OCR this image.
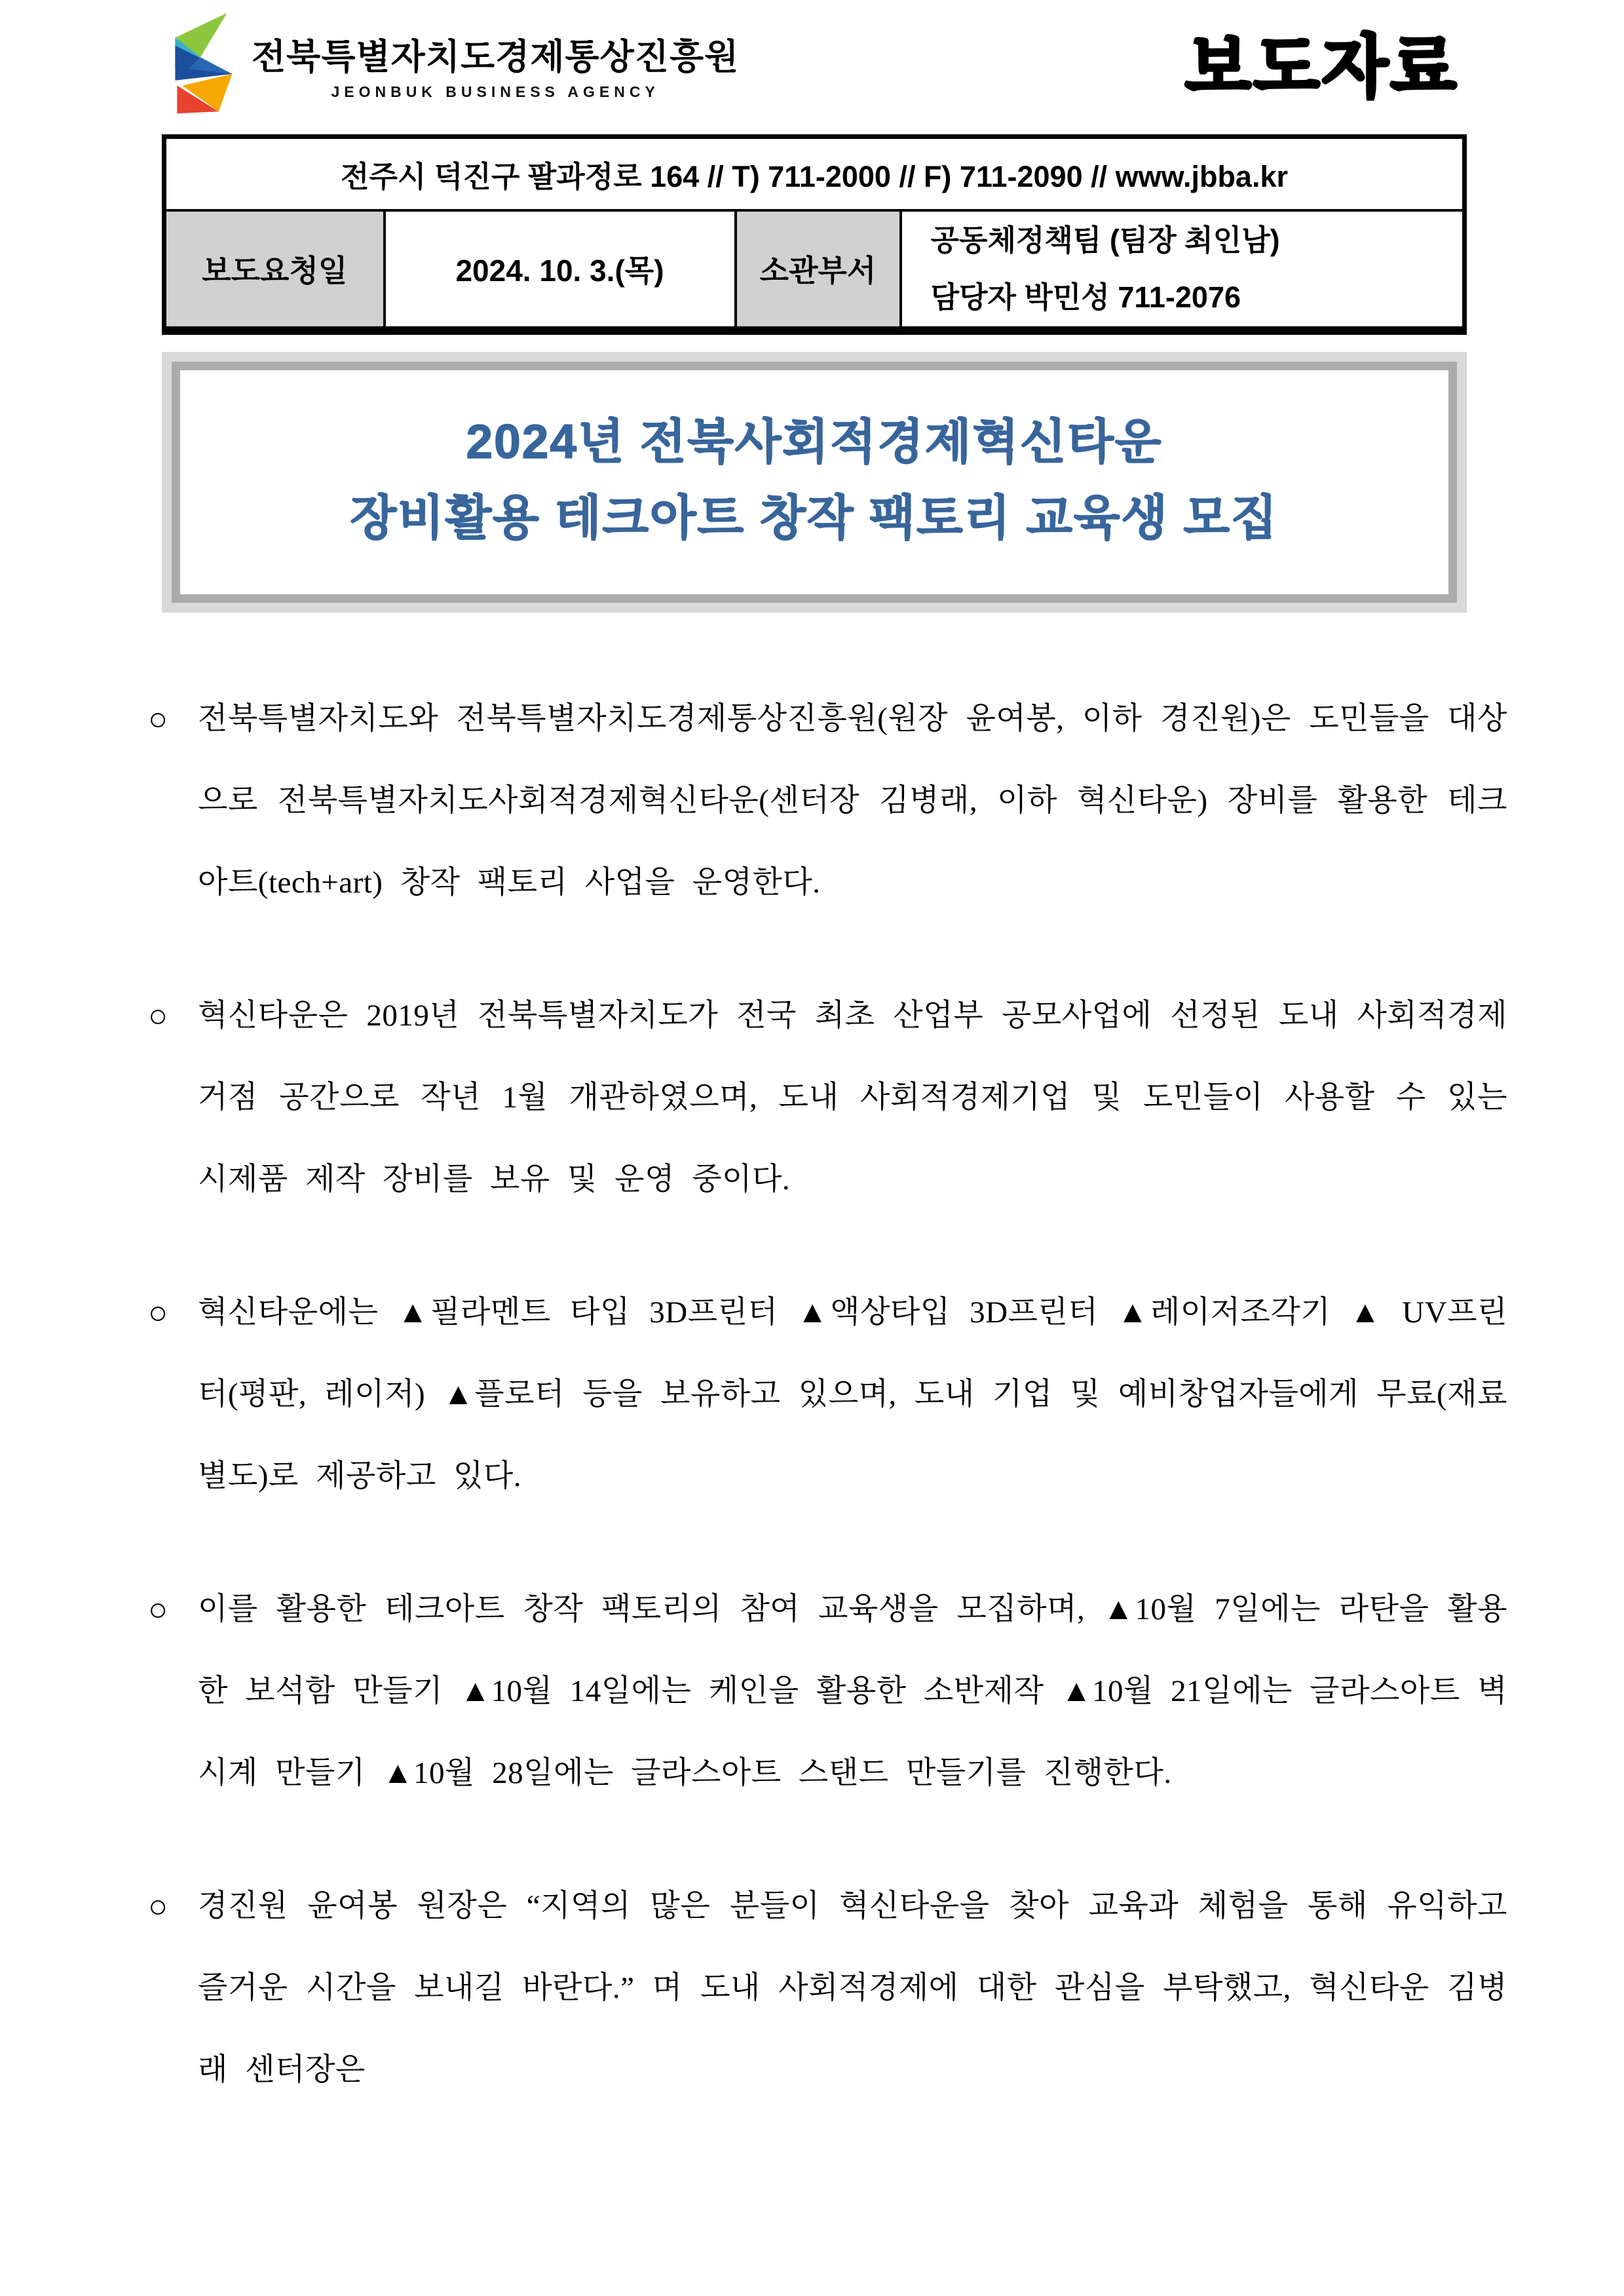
전북특별자치도경제통상진흥원
JEONBUK BUSINESS AGENCY	보도자료
전주시 덕진구 팔과정로 164 // T) 711-2000 // F) 711-2090 // www.jbba.kr
보도요청일	2024. 10. 3.(목)	소관부서	
공동체정책팀 (팀장 최인남)
담당자 박민성 711-2076
2024년 전북사회적경제혁신타운
장비활용 테크아트 창작 팩토리 교육생 모집
○ 전북특별자치도와 전북특별자치도경제통상진흥원(원장 윤여봉, 이하 경진원)은 도민들을 대상으로 전북특별자치도사회적경제혁신타운(센터장 김병래, 이하 혁신타운) 장비를 활용한 테크아트(tech+art) 창작 팩토리 사업을 운영한다.
○ 혁신타운은 2019년 전북특별자치도가 전국 최초 산업부 공모사업에 선정된 도내 사회적경제 거점 공간으로 작년 1월 개관하였으며, 도내 사회적경제기업 및 도민들이 사용할 수 있는 시제품 제작 장비를 보유 및 운영 중이다.
○ 혁신타운에는 ▲필라멘트 타입 3D프린터 ▲액상타입 3D프린터 ▲레이저조각기 ▲ UV프린터(평판, 레이저) ▲플로터 등을 보유하고 있으며, 도내 기업 및 예비창업자들에게 무료(재료 별도)로 제공하고 있다.
○ 이를 활용한 테크아트 창작 팩토리의 참여 교육생을 모집하며, ▲10월 7일에는 라탄을 활용한 보석함 만들기 ▲10월 14일에는 케인을 활용한 소반제작 ▲10월 21일에는 글라스아트 벽시계 만들기 ▲10월 28일에는 글라스아트 스탠드 만들기를 진행한다.
○ 경진원 윤여봉 원장은 “지역의 많은 분들이 혁신타운을 찾아 교육과 체험을 통해 유익하고 즐거운 시간을 보내길 바란다.” 며 도내 사회적경제에 대한 관심을 부탁했고, 혁신타운 김병래 센터장은
